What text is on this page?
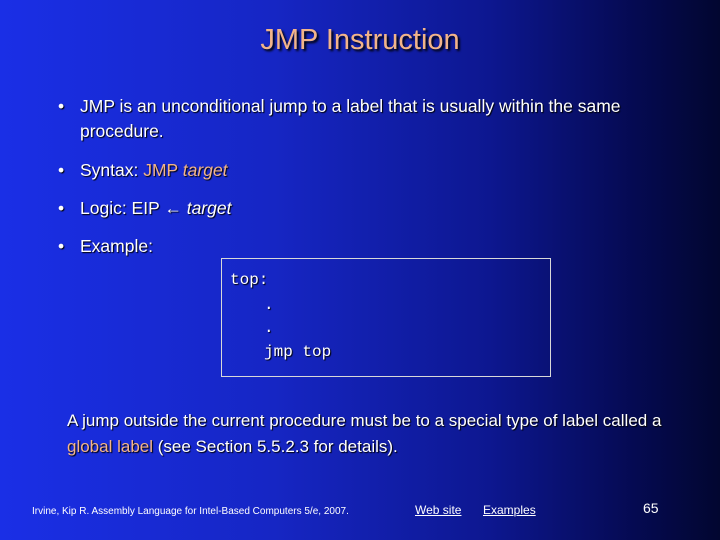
JMP Instruction
• JMP is an unconditional jump to a label that is usually within the same procedure.
• Syntax: JMP target
• Logic: EIP ← target
• Example:
top:
.
.
jmp top
A jump outside the current procedure must be to a special type of label called a global label (see Section 5.5.2.3 for details).
Irvine, Kip R. Assembly Language for Intel-Based Computers 5/e, 2007.	Web site Examples	65
